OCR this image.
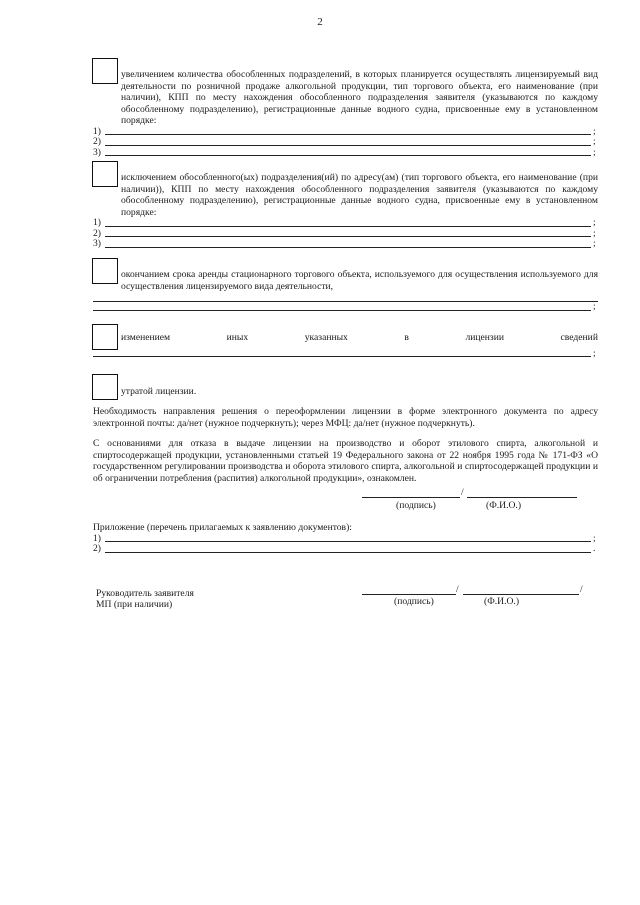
2

увеличением количества обособленных подразделений, в которых планируется осуществлять лицензируемый вид деятельности по розничной продаже алкогольной продукции, тип торгового объекта, его наименование (при наличии), КПП по месту нахождения обособленного подразделения заявителя (указываются по каждому обособленному подразделению), регистрационные данные водного судна, присвоенные ему в установленном порядке:

1)	;
2)	;
3)	;

исключением обособленного(ых) подразделения(ий) по адресу(ам) (тип торгового объекта, его наименование (при наличии)), КПП по месту нахождения обособленного подразделения заявителя (указываются по каждому обособленному подразделению), регистрационные данные водного судна, присвоенные ему в установленном порядке:

1)	;
2)	;
3)	;

окончанием срока аренды стационарного торгового объекта, используемого для осуществления используемого для осуществления лицензируемого вида деятельности,

;
изменением	иных	указанных	в	лицензии	сведений
;

утратой лицензии.

Необходимость направления решения о переоформлении лицензии в форме электронного документа по адресу электронной почты: да/нет (нужное подчеркнуть); через МФЦ: да/нет (нужное подчеркнуть).

С основаниями для отказа в выдаче лицензии на производство и оборот этилового спирта, алкогольной и спиртосодержащей продукции, установленными статьей 19 Федерального закона от 22 ноября 1995 года № 171-ФЗ «О государственном регулировании производства и оборота этилового спирта, алкогольной и спиртосодержащей продукции и об ограничении потребления (распития) алкогольной продукции», ознакомлен.

/
(подпись)	(Ф.И.О.)

Приложение (перечень прилагаемых к заявлению документов):

1)	;
2)	.
Руководитель заявителя
МП (при наличии)
/	/
(подпись)	(Ф.И.О.)
